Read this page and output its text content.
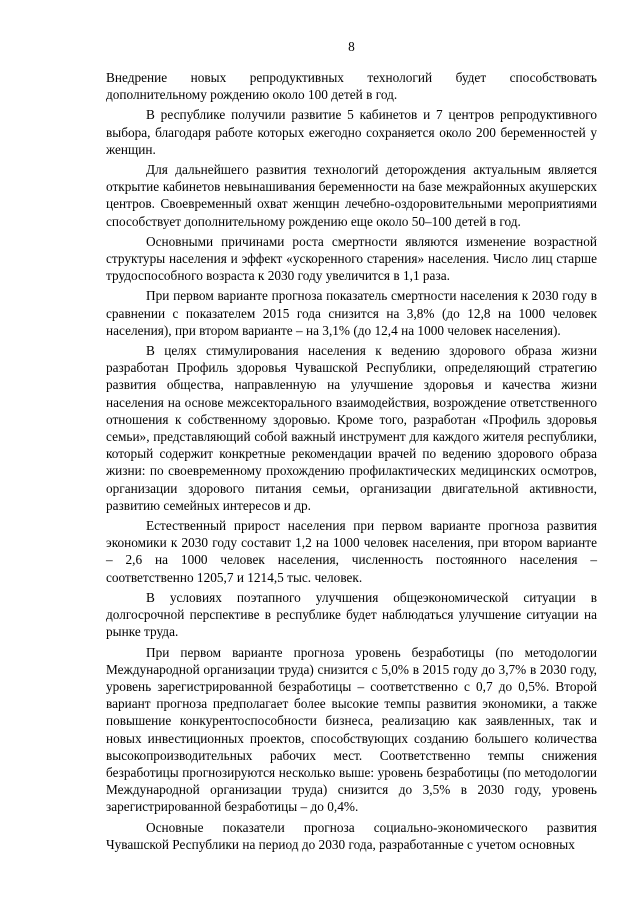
8

Внедрение новых репродуктивных технологий будет способствовать дополнительному рождению около 100 детей в год.

В республике получили развитие 5 кабинетов и 7 центров репродуктивного выбора, благодаря работе которых ежегодно сохраняется около 200 беременностей у женщин.

Для дальнейшего развития технологий деторождения актуальным является открытие кабинетов невынашивания беременности на базе межрайонных акушерских центров. Своевременный охват женщин лечебно-оздоровительными мероприятиями способствует дополнительному рождению еще около 50–100 детей в год.

Основными причинами роста смертности являются изменение возрастной структуры населения и эффект «ускоренного старения» населения. Число лиц старше трудоспособного возраста к 2030 году увеличится в 1,1 раза.

При первом варианте прогноза показатель смертности населения к 2030 году в сравнении с показателем 2015 года снизится на 3,8% (до 12,8 на 1000 человек населения), при втором варианте – на 3,1% (до 12,4 на 1000 человек населения).

В целях стимулирования населения к ведению здорового образа жизни разработан Профиль здоровья Чувашской Республики, определяющий стратегию развития общества, направленную на улучшение здоровья и качества жизни населения на основе межсекторального взаимодействия, возрождение ответственного отношения к собственному здоровью. Кроме того, разработан «Профиль здоровья семьи», представляющий собой важный инструмент для каждого жителя республики, который содержит конкретные рекомендации врачей по ведению здорового образа жизни: по своевременному прохождению профилактических медицинских осмотров, организации здорового питания семьи, организации двигательной активности, развитию семейных интересов и др.

Естественный прирост населения при первом варианте прогноза развития экономики к 2030 году составит 1,2 на 1000 человек населения, при втором варианте – 2,6 на 1000 человек населения, численность постоянного населения – соответственно 1205,7 и 1214,5 тыс. человек.

В условиях поэтапного улучшения общеэкономической ситуации в долгосрочной перспективе в республике будет наблюдаться улучшение ситуации на рынке труда.

При первом варианте прогноза уровень безработицы (по методологии Международной организации труда) снизится с 5,0% в 2015 году до 3,7% в 2030 году, уровень зарегистрированной безработицы – соответственно с 0,7 до 0,5%. Второй вариант прогноза предполагает более высокие темпы развития экономики, а также повышение конкурентоспособности бизнеса, реализацию как заявленных, так и новых инвестиционных проектов, способствующих созданию большего количества высокопроизводительных рабочих мест. Соответственно темпы снижения безработицы прогнозируются несколько выше: уровень безработицы (по методологии Международной организации труда) снизится до 3,5% в 2030 году, уровень зарегистрированной безработицы – до 0,4%.

Основные показатели прогноза социально-экономического развития Чувашской Республики на период до 2030 года, разработанные с учетом основных
